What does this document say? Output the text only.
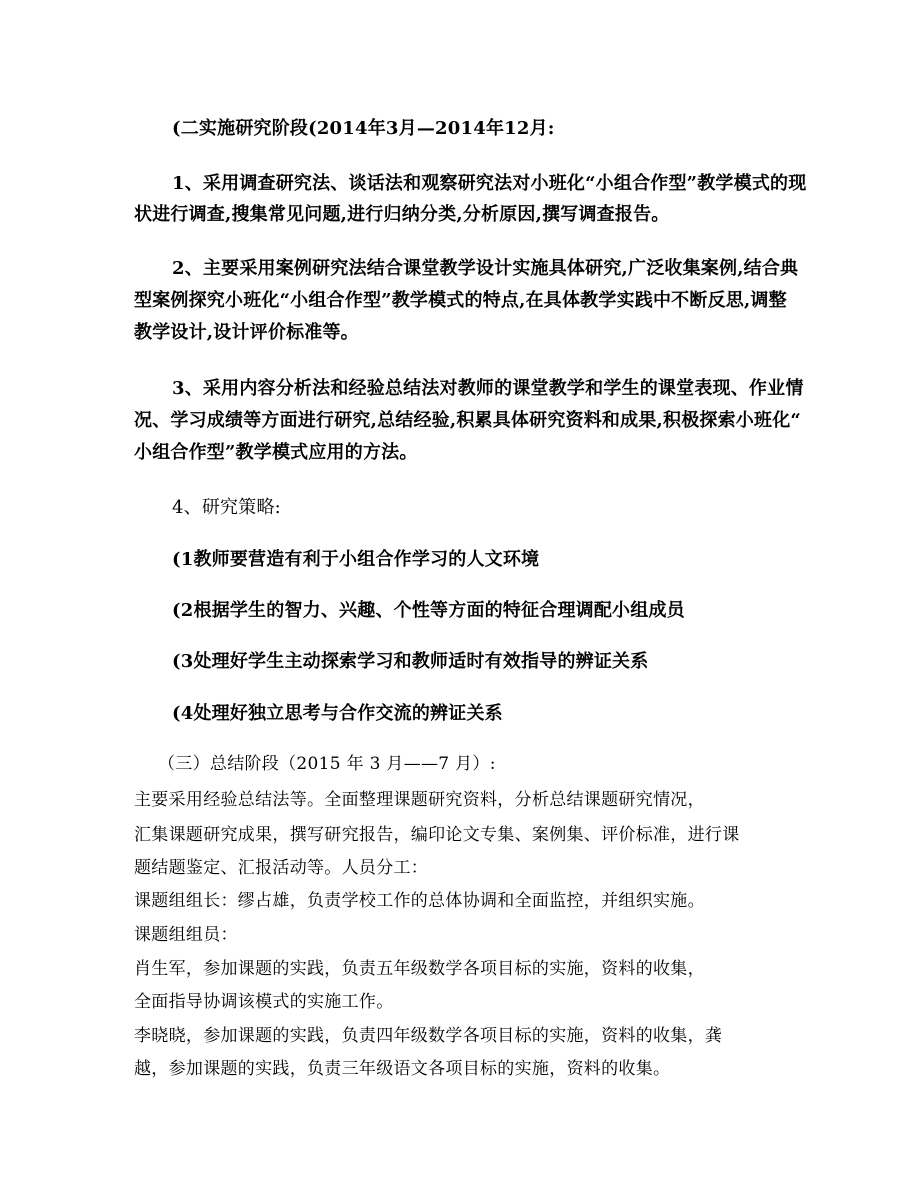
(二实施研究阶段(2014年3月—2014年12月:
1、采用调查研究法、谈话法和观察研究法对小班化“小组合作型”教学模式的现
状进行调查,搜集常见问题,进行归纳分类,分析原因,撰写调查报告。
2、主要采用案例研究法结合课堂教学设计实施具体研究,广泛收集案例,结合典
型案例探究小班化“小组合作型”教学模式的特点,在具体教学实践中不断反思,调整
教学设计,设计评价标准等。
3、采用内容分析法和经验总结法对教师的课堂教学和学生的课堂表现、作业情
况、学习成绩等方面进行研究,总结经验,积累具体研究资料和成果,积极探索小班化“
小组合作型”教学模式应用的方法。
4、研究策略:
(1教师要营造有利于小组合作学习的人文环境
(2根据学生的智力、兴趣、个性等方面的特征合理调配小组成员
(3处理好学生主动探索学习和教师适时有效指导的辨证关系
(4处理好独立思考与合作交流的辨证关系
（三）总结阶段（2015 年 3 月——7 月）:
主要采用经验总结法等。全面整理课题研究资料，分析总结课题研究情况，
汇集课题研究成果，撰写研究报告，编印论文专集、案例集、评价标准，进行课
题结题鉴定、汇报活动等。人员分工：
课题组组长：缪占雄，负责学校工作的总体协调和全面监控，并组织实施。
课题组组员：
肖生军，参加课题的实践，负责五年级数学各项目标的实施，资料的收集，
全面指导协调该模式的实施工作。
李晓晓，参加课题的实践，负责四年级数学各项目标的实施，资料的收集，龚
越，参加课题的实践，负责三年级语文各项目标的实施，资料的收集。
